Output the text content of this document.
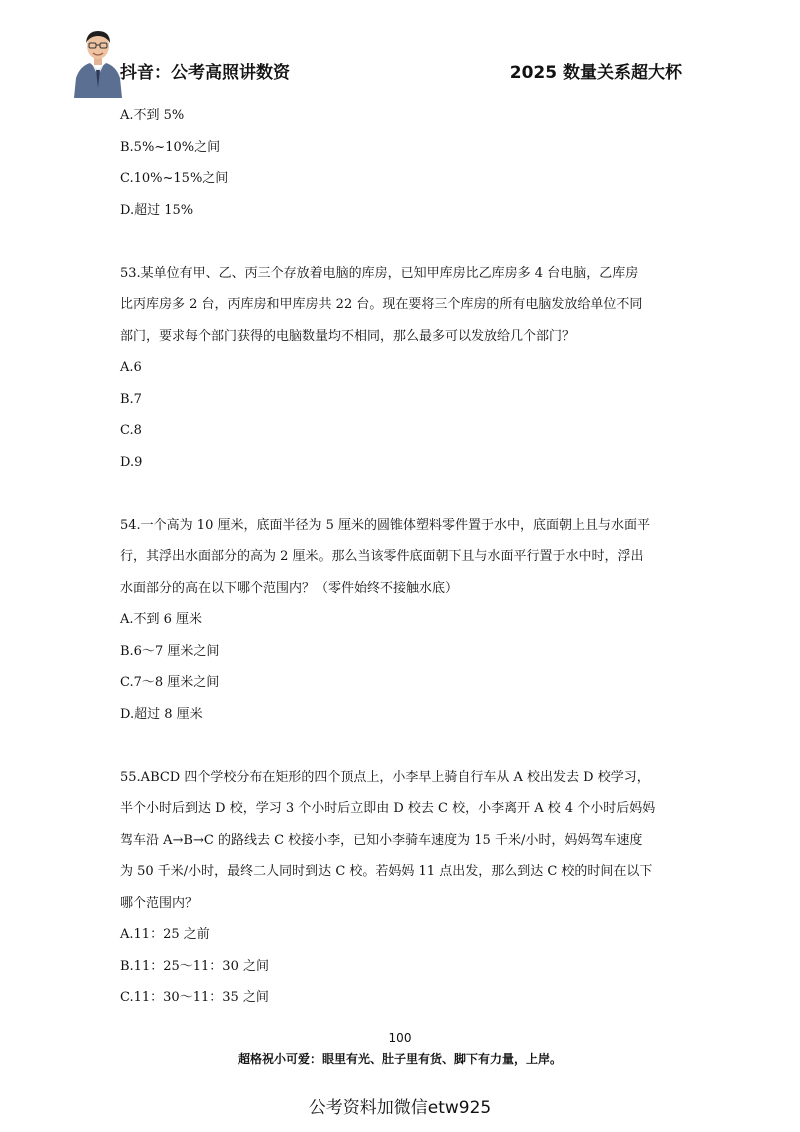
抖音：公考高照讲数资	2025 数量关系超大杯
A.不到 5%
B.5%~10%之间
C.10%~15%之间
D.超过 15%
53.某单位有甲、乙、丙三个存放着电脑的库房，已知甲库房比乙库房多 4 台电脑，乙库房
比丙库房多 2 台，丙库房和甲库房共 22 台。现在要将三个库房的所有电脑发放给单位不同
部门，要求每个部门获得的电脑数量均不相同，那么最多可以发放给几个部门？
A.6
B.7
C.8
D.9
54.一个高为 10 厘米，底面半径为 5 厘米的圆锥体塑料零件置于水中，底面朝上且与水面平
行，其浮出水面部分的高为 2 厘米。那么当该零件底面朝下且与水面平行置于水中时，浮出
水面部分的高在以下哪个范围内？（零件始终不接触水底）
A.不到 6 厘米
B.6～7 厘米之间
C.7～8 厘米之间
D.超过 8 厘米
55.ABCD 四个学校分布在矩形的四个顶点上，小李早上骑自行车从 A 校出发去 D 校学习，
半个小时后到达 D 校，学习 3 个小时后立即由 D 校去 C 校，小李离开 A 校 4 个小时后妈妈
驾车沿 A→B→C 的路线去 C 校接小李，已知小李骑车速度为 15 千米/小时，妈妈驾车速度
为 50 千米/小时，最终二人同时到达 C 校。若妈妈 11 点出发，那么到达 C 校的时间在以下
哪个范围内？
A.11：25 之前
B.11：25～11：30 之间
C.11：30～11：35 之间
100
超格祝小可爱：眼里有光、肚子里有货、脚下有力量，上岸。
公考资料加微信etw925
